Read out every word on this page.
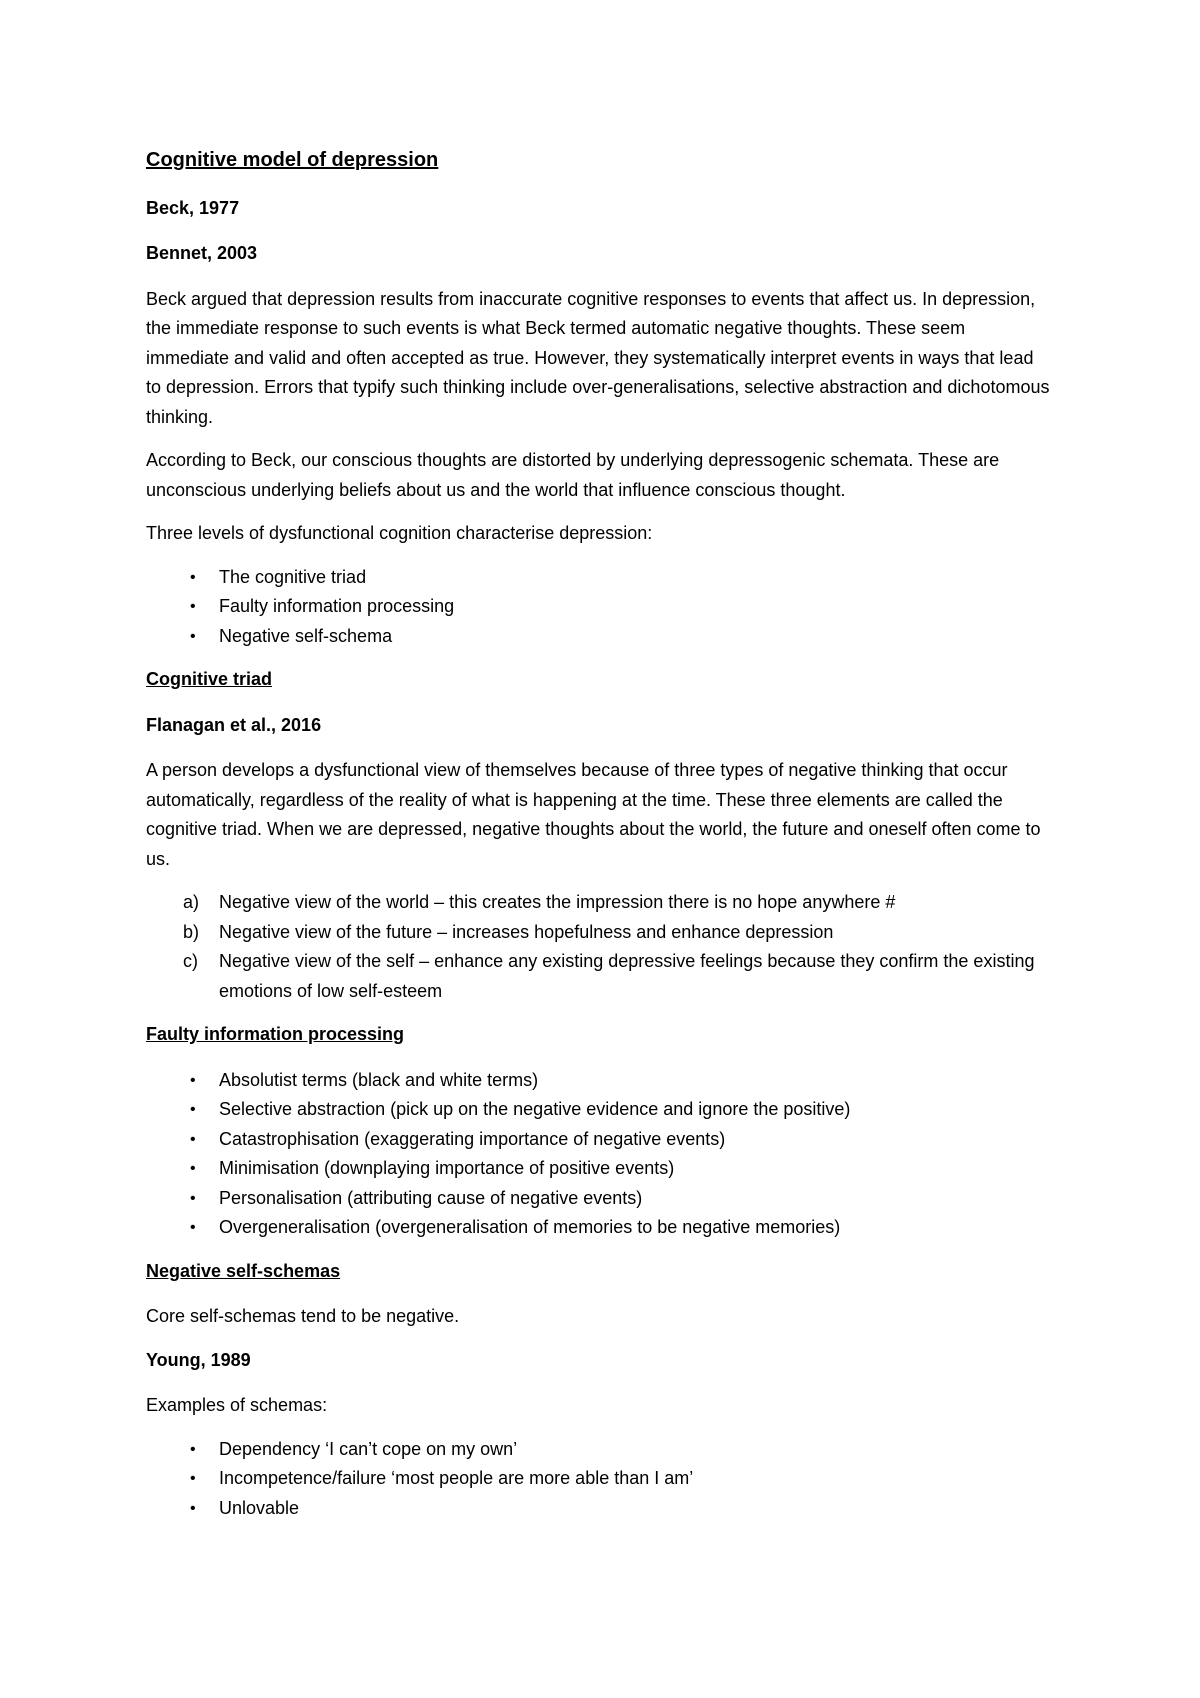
Cognitive model of depression
Beck, 1977
Bennet, 2003

Beck argued that depression results from inaccurate cognitive responses to events that affect us. In depression, the immediate response to such events is what Beck termed automatic negative thoughts. These seem immediate and valid and often accepted as true. However, they systematically interpret events in ways that lead to depression. Errors that typify such thinking include over-generalisations, selective abstraction and dichotomous thinking.

According to Beck, our conscious thoughts are distorted by underlying depressogenic schemata. These are unconscious underlying beliefs about us and the world that influence conscious thought.

Three levels of dysfunctional cognition characterise depression:

• The cognitive triad
• Faulty information processing
• Negative self-schema
Cognitive triad
Flanagan et al., 2016

A person develops a dysfunctional view of themselves because of three types of negative thinking that occur automatically, regardless of the reality of what is happening at the time. These three elements are called the cognitive triad. When we are depressed, negative thoughts about the world, the future and oneself often come to us.

a) Negative view of the world – this creates the impression there is no hope anywhere #
b) Negative view of the future – increases hopefulness and enhance depression
c) Negative view of the self – enhance any existing depressive feelings because they confirm the existing emotions of low self-esteem
Faulty information processing
• Absolutist terms (black and white terms)
• Selective abstraction (pick up on the negative evidence and ignore the positive)
• Catastrophisation (exaggerating importance of negative events)
• Minimisation (downplaying importance of positive events)
• Personalisation (attributing cause of negative events)
• Overgeneralisation (overgeneralisation of memories to be negative memories)
Negative self-schemas

Core self-schemas tend to be negative.

Young, 1989

Examples of schemas:

• Dependency ‘I can’t cope on my own’
• Incompetence/failure ‘most people are more able than I am’
• Unlovable
